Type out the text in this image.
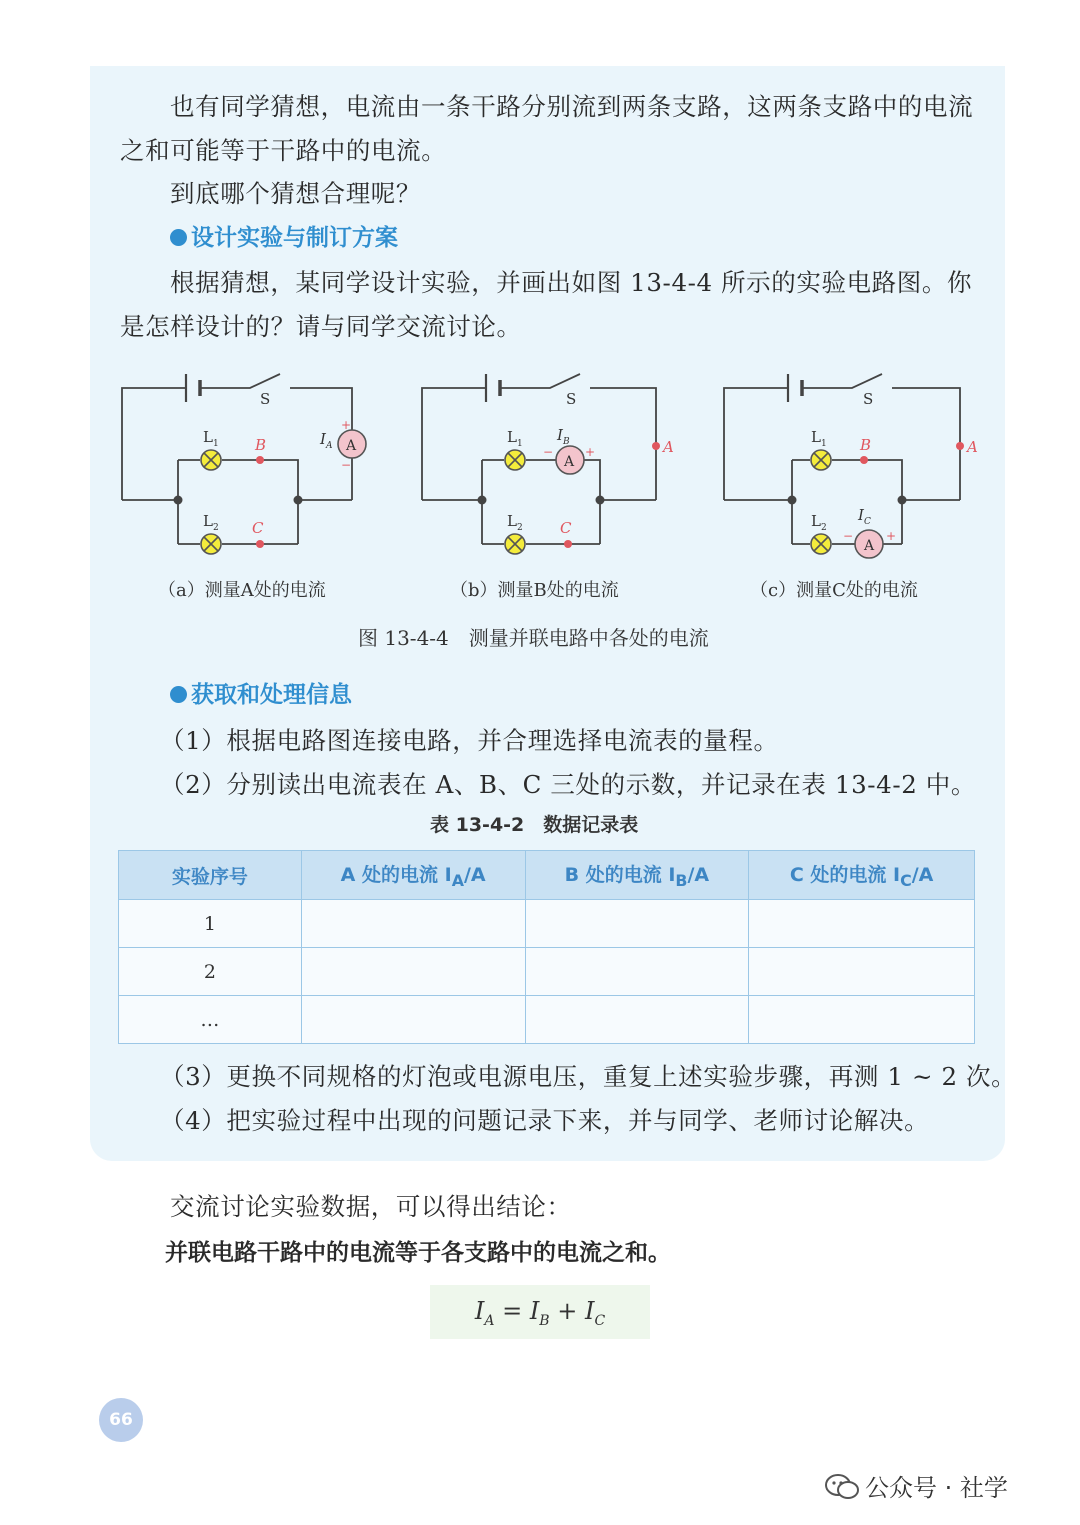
也有同学猜想，电流由一条干路分别流到两条支路，这两条支路中的电流
之和可能等于干路中的电流。
到底哪个猜想合理呢？
设计实验与制订方案
根据猜想，某同学设计实验，并画出如图 13-4-4 所示的实验电路图。你
是怎样设计的？请与同学交流讨论。
S
L 1
L 2
B
C
A
I A
+
−
S
L 1
L 2 C
A
A
I B
−	+
S
L 1
L 2
B	A
A
I C
−	+
（a）测量A处的电流	（b）测量B处的电流	（c）测量C处的电流
图 13-4-4　测量并联电路中各处的电流
获取和处理信息
（1）根据电路图连接电路，并合理选择电流表的量程。
（2）分别读出电流表在 A、B、C 三处的示数，并记录在表 13-4-2 中。
表 13-4-2　数据记录表
实验序号	A 处的电流 $I_A/A$	B 处的电流 $I_B/A$	C 处的电流 $I_C/A$
1			
2			
…			
（3）更换不同规格的灯泡或电源电压，重复上述实验步骤，再测 1 ~ 2 次。
（4）把实验过程中出现的问题记录下来，并与同学、老师讨论解决。
交流讨论实验数据，可以得出结论：
并联电路干路中的电流等于各支路中的电流之和。
$I_A = I_B + I_C$
66
公众号 · 社学
